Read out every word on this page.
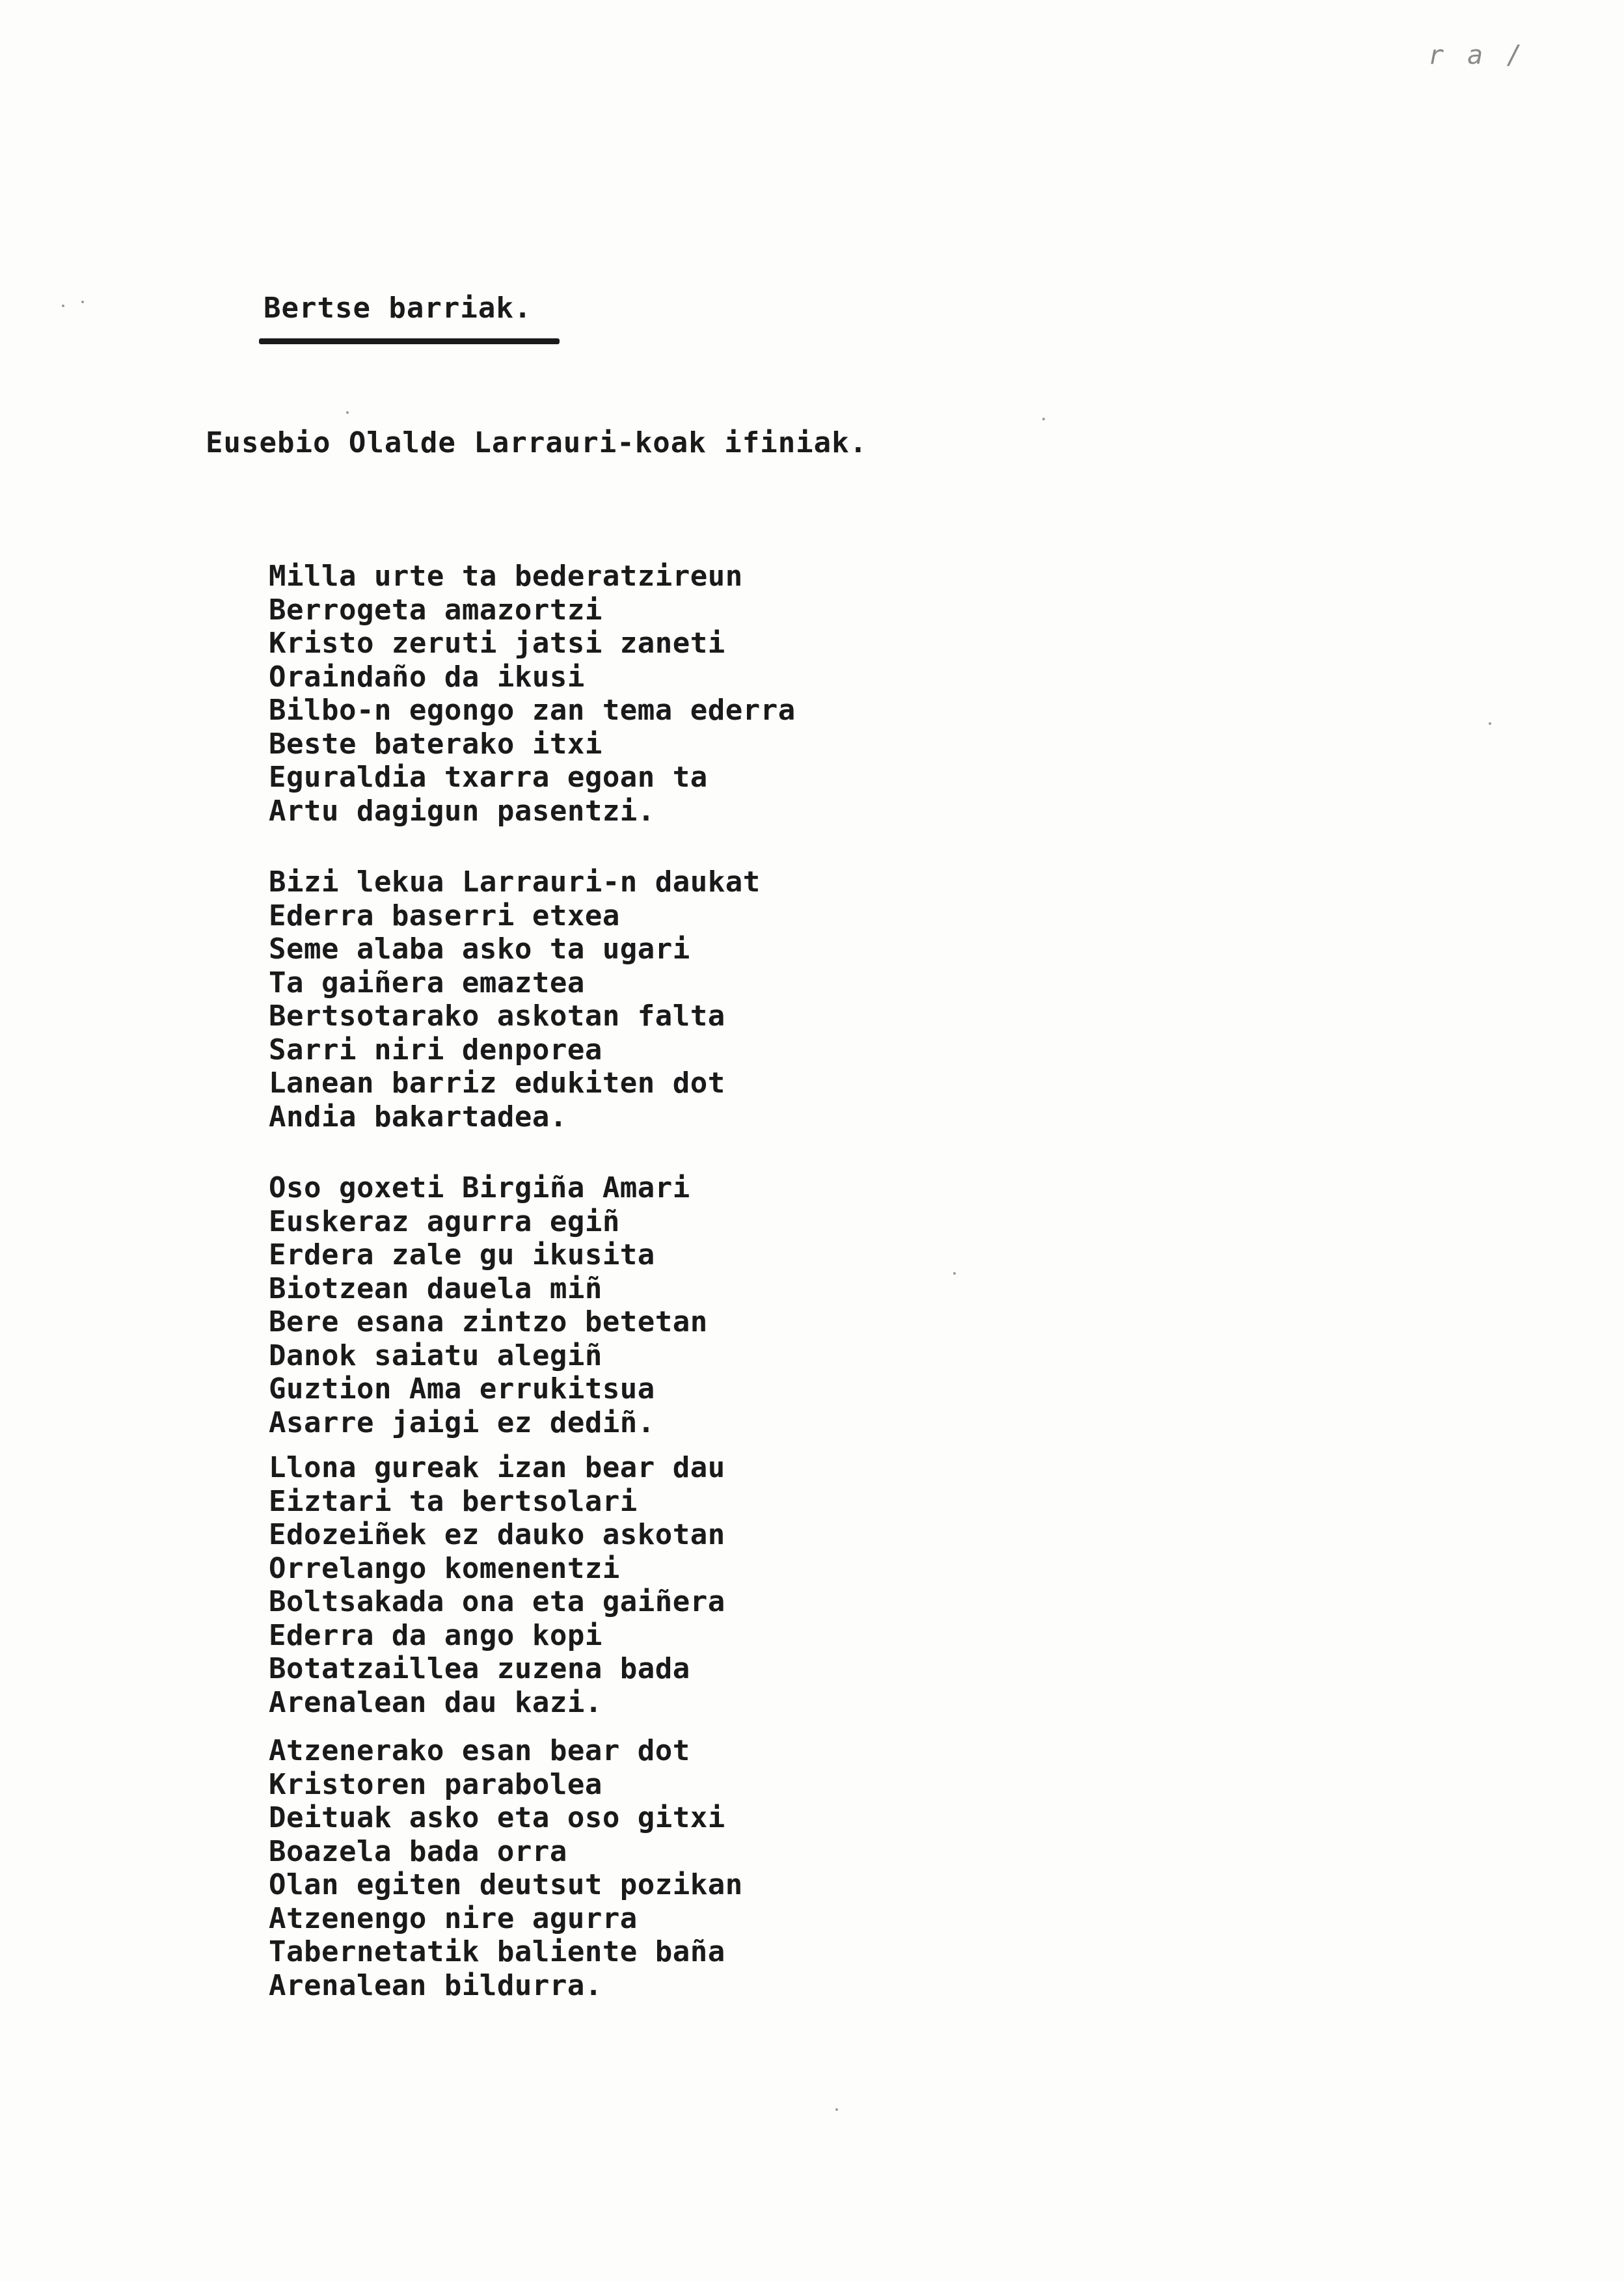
r a /
Bertse barriak.
Eusebio Olalde Larrauri-koak ifiniak.
Milla urte ta bederatzireun
Berrogeta amazortzi
Kristo zeruti jatsi zaneti
Oraindaño da ikusi
Bilbo-n egongo zan tema ederra
Beste baterako itxi
Eguraldia txarra egoan ta
Artu dagigun pasentzi.
Bizi lekua Larrauri-n daukat
Ederra baserri etxea
Seme alaba asko ta ugari
Ta gaiñera emaztea
Bertsotarako askotan falta
Sarri niri denporea
Lanean barriz edukiten dot
Andia bakartadea.
Oso goxeti Birgiña Amari
Euskeraz agurra egiñ
Erdera zale gu ikusita
Biotzean dauela miñ
Bere esana zintzo betetan
Danok saiatu alegiñ
Guztion Ama errukitsua
Asarre jaigi ez dediñ.
Llona gureak izan bear dau
Eiztari ta bertsolari
Edozeiñek ez dauko askotan
Orrelango komenentzi
Boltsakada ona eta gaiñera
Ederra da ango kopi
Botatzaillea zuzena bada
Arenalean dau kazi.
Atzenerako esan bear dot
Kristoren parabolea
Deituak asko eta oso gitxi
Boazela bada orra
Olan egiten deutsut pozikan
Atzenengo nire agurra
Tabernetatik baliente baña
Arenalean bildurra.
